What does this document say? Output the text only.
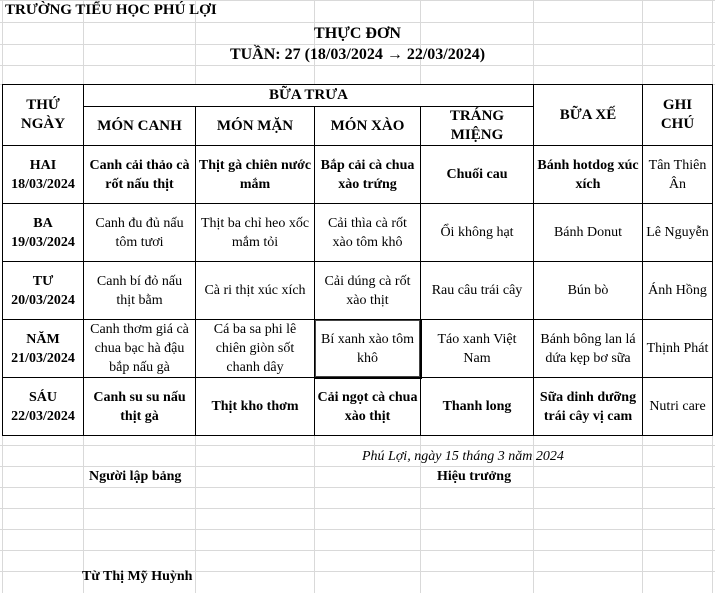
TRƯỜNG TIỂU HỌC PHÚ LỢI
THỰC ĐƠN
TUẦN: 27 (18/03/2024 → 22/03/2024)
THỨ
NGÀY	BỮA TRƯA				BỮA XẾ	GHI CHÚ
	MÓN CANH	MÓN MẶN	MÓN XÀO	TRÁNG MIỆNG		
HAI
18/03/2024	Canh cải thảo cà rốt nấu thịt	Thịt gà chiên nước mắm	Bắp cải cà chua xào trứng	Chuối cau	Bánh hotdog xúc xích	Tân Thiên Ân
BA
19/03/2024	Canh đu đủ nấu tôm tươi	Thịt ba chỉ heo xốc mắm tỏi	Cải thìa cà rốt xào tôm khô	Ổi không hạt	Bánh Donut	Lê Nguyễn
TƯ
20/03/2024	Canh bí đỏ nấu thịt bằm	Cà ri thịt xúc xích	Cải dúng cà rốt xào thịt	Rau câu trái cây	Bún bò	Ánh Hồng
NĂM
21/03/2024	Canh thơm giá cà chua bạc hà đậu bắp nấu gà	Cá ba sa phi lê chiên giòn sốt chanh dây	Bí xanh xào tôm khô	Táo xanh Việt Nam	Bánh bông lan lá dứa kẹp bơ sữa	Thịnh Phát
SÁU
22/03/2024	Canh su su nấu thịt gà	Thịt kho thơm	Cải ngọt cà chua xào thịt	Thanh long	Sữa dinh dưỡng trái cây vị cam	Nutri care
Phú Lợi, ngày 15 tháng 3 năm 2024
Người lập bảng	Hiệu trưởng
Từ Thị Mỹ Huỳnh
